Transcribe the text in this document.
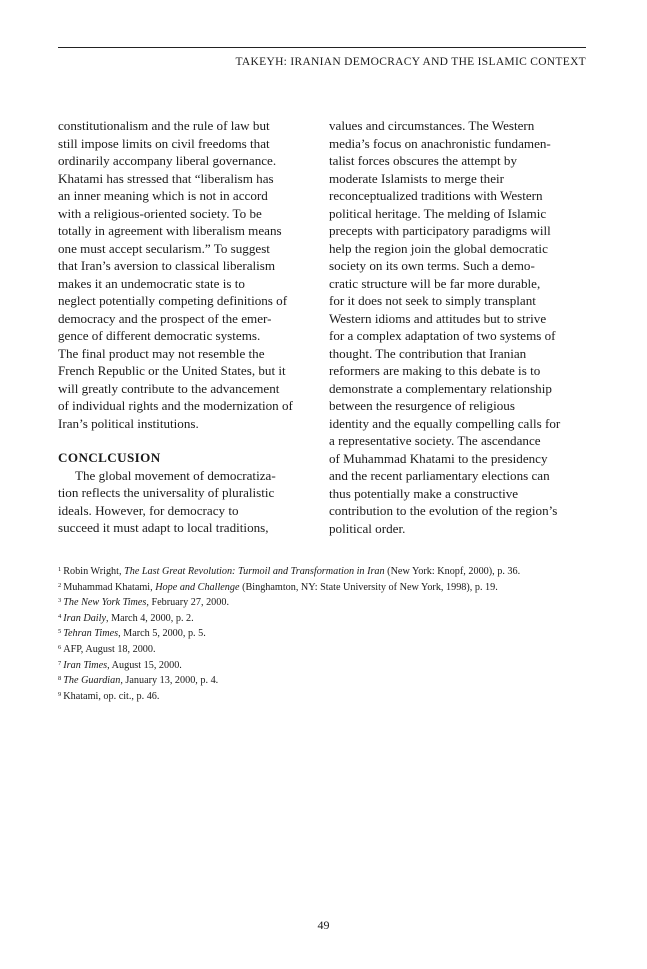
TAKEYH: IRANIAN DEMOCRACY AND THE ISLAMIC CONTEXT
constitutionalism and the rule of law but
still impose limits on civil freedoms that
ordinarily accompany liberal governance.
Khatami has stressed that “liberalism has
an inner meaning which is not in accord
with a religious-oriented society. To be
totally in agreement with liberalism means
one must accept secularism.” To suggest
that Iran’s aversion to classical liberalism
makes it an undemocratic state is to
neglect potentially competing definitions of
democracy and the prospect of the emer-
gence of different democratic systems.
The final product may not resemble the
French Republic or the United States, but it
will greatly contribute to the advancement
of individual rights and the modernization of
Iran’s political institutions.
CONCLCUSION
The global movement of democratiza-
tion reflects the universality of pluralistic
ideals. However, for democracy to
succeed it must adapt to local traditions,
values and circumstances. The Western
media’s focus on anachronistic fundamen-
talist forces obscures the attempt by
moderate Islamists to merge their
reconceptualized traditions with Western
political heritage. The melding of Islamic
precepts with participatory paradigms will
help the region join the global democratic
society on its own terms. Such a demo-
cratic structure will be far more durable,
for it does not seek to simply transplant
Western idioms and attitudes but to strive
for a complex adaptation of two systems of
thought. The contribution that Iranian
reformers are making to this debate is to
demonstrate a complementary relationship
between the resurgence of religious
identity and the equally compelling calls for
a representative society. The ascendance
of Muhammad Khatami to the presidency
and the recent parliamentary elections can
thus potentially make a constructive
contribution to the evolution of the region’s
political order.
$^1$ Robin Wright, The Last Great Revolution: Turmoil and Transformation in Iran (New York: Knopf, 2000), p. 36.
$^2$ Muhammad Khatami, Hope and Challenge (Binghamton, NY: State University of New York, 1998), p. 19.
$^3$ The New York Times, February 27, 2000.
$^4$ Iran Daily, March 4, 2000, p. 2.
$^5$ Tehran Times, March 5, 2000, p. 5.
$^6$ AFP, August 18, 2000.
$^7$ Iran Times, August 15, 2000.
$^8$ The Guardian, January 13, 2000, p. 4.
$^9$ Khatami, op. cit., p. 46.
49
